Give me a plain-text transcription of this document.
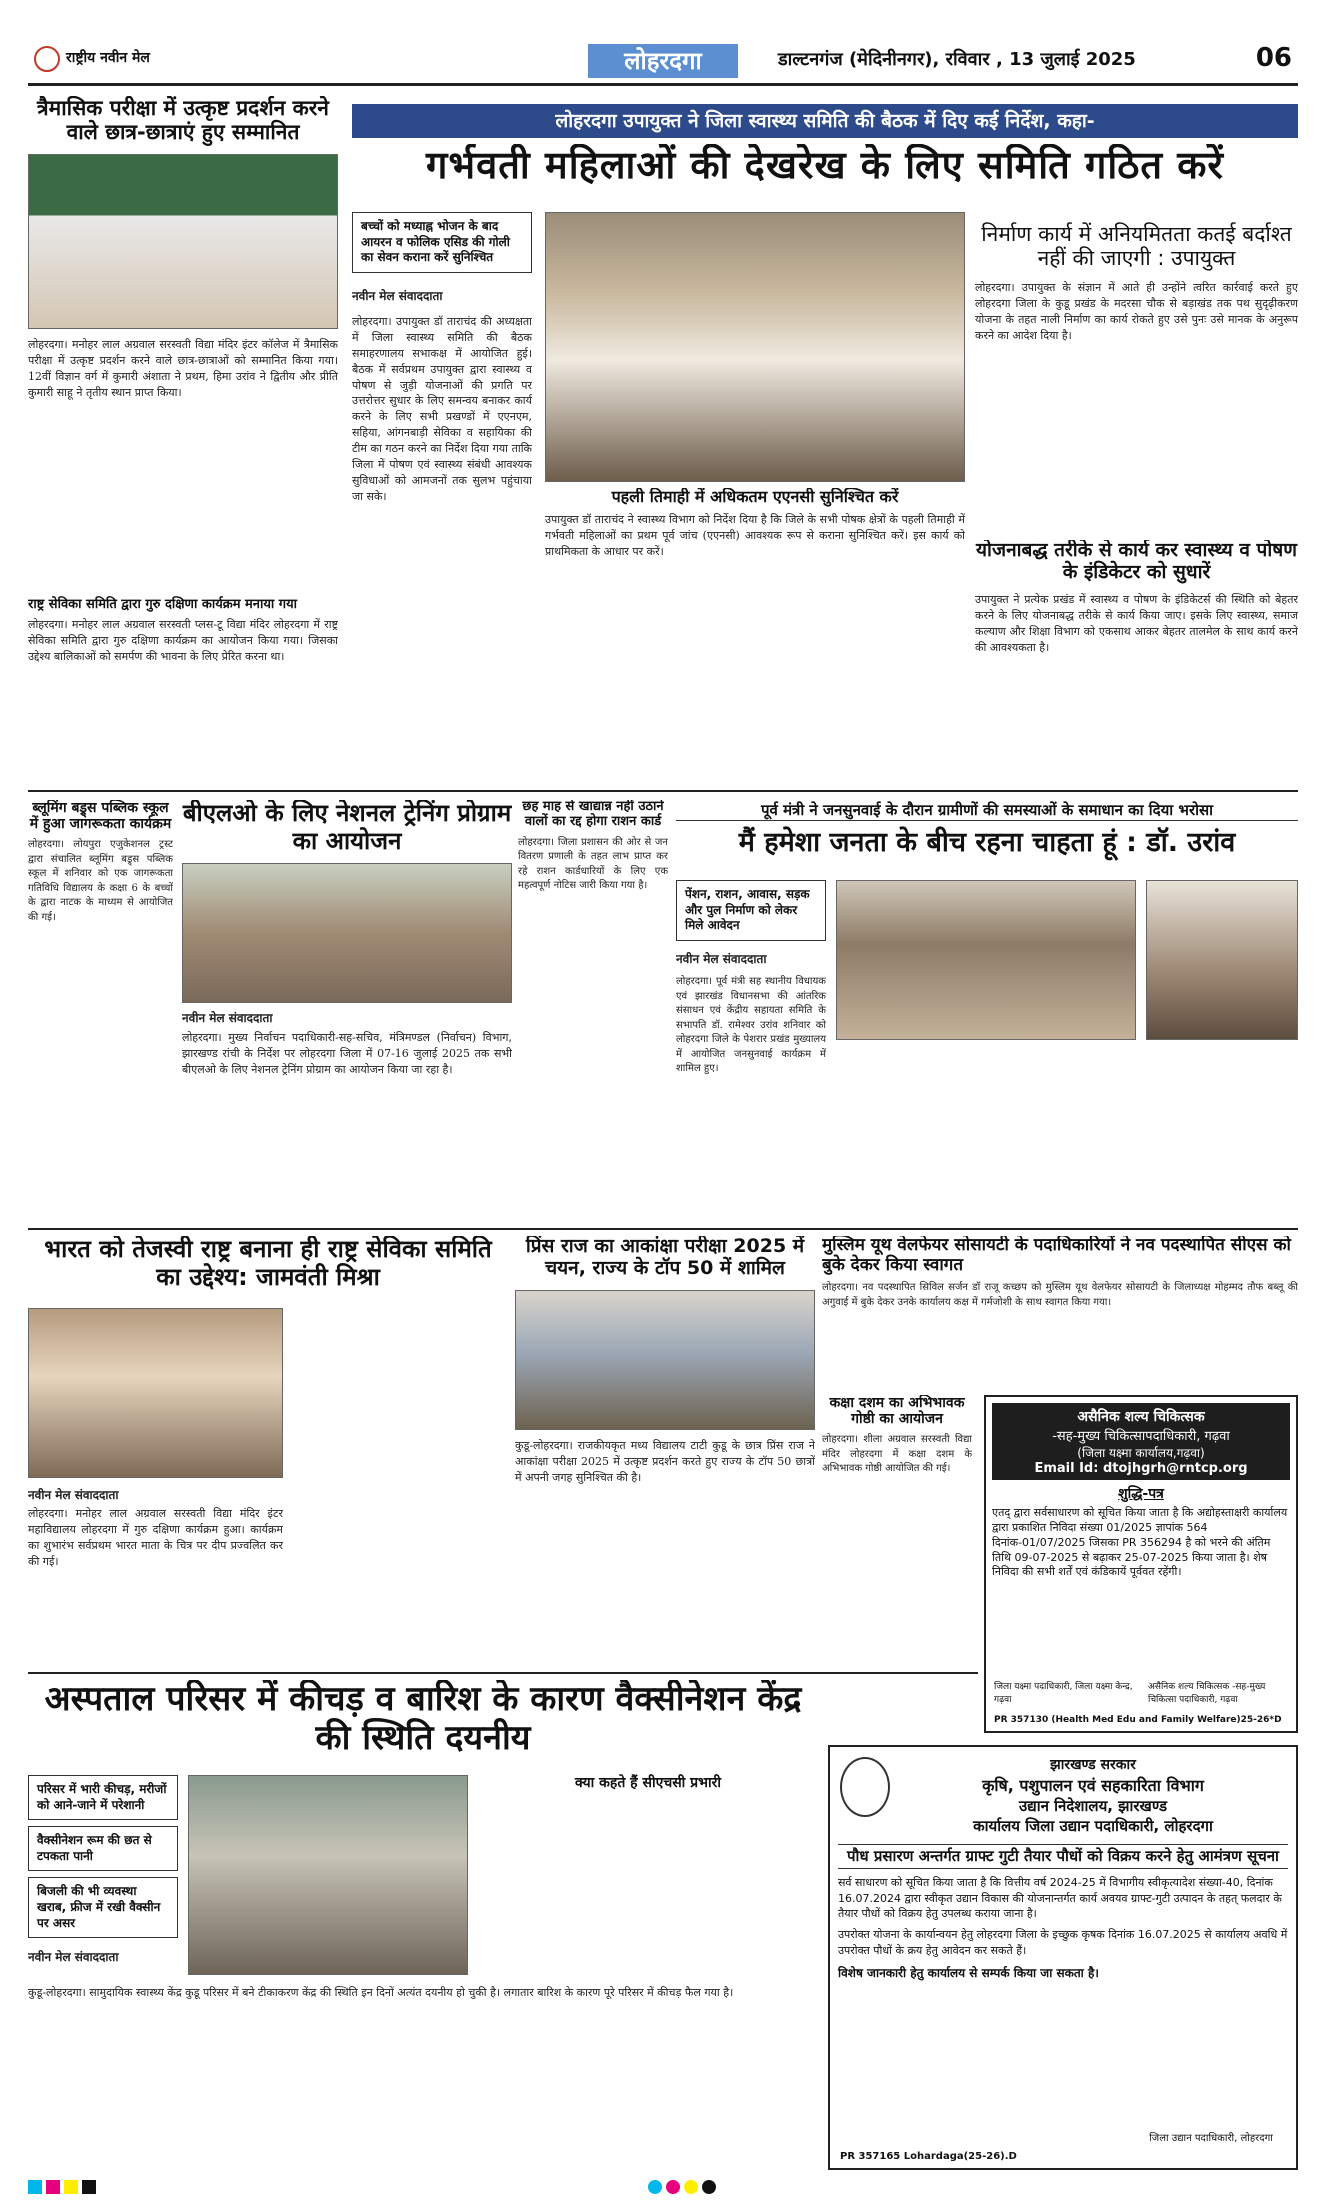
राष्ट्रीय नवीन मेल	लोहरदगा	डाल्टनगंज (मेदिनीनगर), रविवार , 13 जुलाई 2025	06
त्रैमासिक परीक्षा में उत्कृष्ट प्रदर्शन करने वाले छात्र-छात्राएं हुए सम्मानित
लोहरदगा। मनोहर लाल अग्रवाल सरस्वती विद्या मंदिर इंटर कॉलेज में त्रैमासिक परीक्षा में उत्कृष्ट प्रदर्शन करने वाले छात्र-छात्राओं को सम्मानित किया गया। 12वीं विज्ञान वर्ग में कुमारी अंशाता ने प्रथम, हिमा उरांव ने द्वितीय और प्रीति कुमारी साहू ने तृतीय स्थान प्राप्त किया।
राष्ट्र सेविका समिति द्वारा गुरु दक्षिणा कार्यक्रम मनाया गया
लोहरदगा। मनोहर लाल अग्रवाल सरस्वती प्लस-टू विद्या मंदिर लोहरदगा में राष्ट्र सेविका समिति द्वारा गुरु दक्षिणा कार्यक्रम का आयोजन किया गया। जिसका उद्देश्य बालिकाओं को समर्पण की भावना के लिए प्रेरित करना था।
लोहरदगा उपायुक्त ने जिला स्वास्थ्य समिति की बैठक में दिए कई निर्देश, कहा-
गर्भवती महिलाओं की देखरेख के लिए समिति गठित करें
बच्चों को मध्याह्न भोजन के बाद आयरन व फोलिक एसिड की गोली का सेवन कराना करें सुनिश्चित
नवीन मेल संवाददाता
लोहरदगा। उपायुक्त डॉ ताराचंद की अध्यक्षता में जिला स्वास्थ्य समिति की बैठक समाहरणालय सभाकक्ष में आयोजित हुई। बैठक में सर्वप्रथम उपायुक्त द्वारा स्वास्थ्य व पोषण से जुड़ी योजनाओं की प्रगति पर उत्तरोत्तर सुधार के लिए समन्वय बनाकर कार्य करने के लिए सभी प्रखण्डों में एएनएम, सहिया, आंगनबाड़ी सेविका व सहायिका की टीम का गठन करने का निर्देश दिया गया ताकि जिला में पोषण एवं स्वास्थ्य संबंधी आवश्यक सुविधाओं को आमजनों तक सुलभ पहुंचाया जा सके।	पहली तिमाही में अधिकतम एएनसी सुनिश्चित करें
उपायुक्त डॉ ताराचंद ने स्वास्थ्य विभाग को निर्देश दिया है कि जिले के सभी पोषक क्षेत्रों के पहली तिमाही में गर्भवती महिलाओं का प्रथम पूर्व जांच (एएनसी) आवश्यक रूप से कराना सुनिश्चित करें। इस कार्य को प्राथमिकता के आधार पर करें।
निर्माण कार्य में अनियमितता कतई बर्दाश्त नहीं की जाएगी : उपायुक्त
लोहरदगा। उपायुक्त के संज्ञान में आते ही उन्होंने त्वरित कार्रवाई करते हुए लोहरदगा जिला के कुडू प्रखंड के मदरसा चौक से बड़ाखंड तक पथ सुदृढ़ीकरण योजना के तहत नाली निर्माण का कार्य रोकते हुए उसे पुनः उसे मानक के अनुरूप करने का आदेश दिया है।
योजनाबद्ध तरीके से कार्य कर स्वास्थ्य व पोषण के इंडिकेटर को सुधारें
उपायुक्त ने प्रत्येक प्रखंड में स्वास्थ्य व पोषण के इंडिकेटर्स की स्थिति को बेहतर करने के लिए योजनाबद्ध तरीके से कार्य किया जाए। इसके लिए स्वास्थ्य, समाज कल्याण और शिक्षा विभाग को एकसाथ आकर बेहतर तालमेल के साथ कार्य करने की आवश्यकता है।
ब्लूमिंग बड्र्स पब्लिक स्कूल में हुआ जागरूकता कार्यक्रम
लोहरदगा। लोयपुरा एजुकेशनल ट्रस्ट द्वारा संचालित ब्लूमिंग बड्र्स पब्लिक स्कूल में शनिवार को एक जागरूकता गतिविधि विद्यालय के कक्षा 6 के बच्चों के द्वारा नाटक के माध्यम से आयोजित की गई।
बीएलओ के लिए नेशनल ट्रेनिंग प्रोग्राम का आयोजन
नवीन मेल संवाददाता
लोहरदगा। मुख्य निर्वाचन पदाधिकारी-सह-सचिव, मंत्रिमण्डल (निर्वाचन) विभाग, झारखण्ड रांची के निर्देश पर लोहरदगा जिला में 07-16 जुलाई 2025 तक सभी बीएलओ के लिए नेशनल ट्रेनिंग प्रोग्राम का आयोजन किया जा रहा है।
छह माह से खाद्यान्न नहीं उठाने वालों का रद्द होगा राशन कार्ड
लोहरदगा। जिला प्रशासन की ओर से जन वितरण प्रणाली के तहत लाभ प्राप्त कर रहे राशन कार्डधारियों के लिए एक महत्वपूर्ण नोटिस जारी किया गया है।
पूर्व मंत्री ने जनसुनवाई के दौरान ग्रामीणों की समस्याओं के समाधान का दिया भरोसा
मैं हमेशा जनता के बीच रहना चाहता हूं : डॉ. उरांव
पेंशन, राशन, आवास, सड़क और पुल निर्माण को लेकर मिले आवेदन
नवीन मेल संवाददाता
लोहरदगा। पूर्व मंत्री सह स्थानीय विधायक एवं झारखंड विधानसभा की आंतरिक संसाधन एवं केंद्रीय सहायता समिति के सभापति डॉ. रामेश्वर उरांव शनिवार को लोहरदगा जिले के पेशरार प्रखंड मुख्यालय में आयोजित जनसुनवाई कार्यक्रम में शामिल हुए।
भारत को तेजस्वी राष्ट्र बनाना ही राष्ट्र सेविका समिति का उद्देश्य: जामवंती मिश्रा
नवीन मेल संवाददाता
लोहरदगा। मनोहर लाल अग्रवाल सरस्वती विद्या मंदिर इंटर महाविद्यालय लोहरदगा में गुरु दक्षिणा कार्यक्रम हुआ। कार्यक्रम का शुभारंभ सर्वप्रथम भारत माता के चित्र पर दीप प्रज्वलित कर की गई।
प्रिंस राज का आकांक्षा परीक्षा 2025 में चयन, राज्य के टॉप 50 में शामिल
कुडू-लोहरदगा। राजकीयकृत मध्य विद्यालय टाटी कुडू के छात्र प्रिंस राज ने आकांक्षा परीक्षा 2025 में उत्कृष्ट प्रदर्शन करते हुए राज्य के टॉप 50 छात्रों में अपनी जगह सुनिश्चित की है।
मुस्लिम यूथ वेलफेयर सोसायटी के पदाधिकारियों ने नव पदस्थापित सीएस को बुके देकर किया स्वागत
लोहरदगा। नव पदस्थापित सिविल सर्जन डॉ राजू कच्छप को मुस्लिम यूथ वेलफेयर सोसायटी के जिलाध्यक्ष मोहम्मद तौफ बब्लू की अगुवाई में बुके देकर उनके कार्यालय कक्ष में गर्मजोशी के साथ स्वागत किया गया।
कक्षा दशम का अभिभावक गोष्ठी का आयोजन
लोहरदगा। शीला अग्रवाल सरस्वती विद्या मंदिर लोहरदगा में कक्षा दशम के अभिभावक गोष्ठी आयोजित की गई।
असैनिक शल्य चिकित्सक
-सह-मुख्य चिकित्सापदाधिकारी, गढ़वा
(जिला यक्ष्मा कार्यालय,गढ़वा)
Email Id: dtojhgrh@rntcp.org
शुद्धि-पत्र
एतद् द्वारा सर्वसाधारण को सूचित किया जाता है कि अद्योहस्ताक्षरी कार्यालय द्वारा प्रकाशित निविदा संख्या 01/2025 ज्ञापांक 564 दिनांक-01/07/2025 जिसका PR 356294 है को भरने की अंतिम तिथि 09-07-2025 से बढ़ाकर 25-07-2025 किया जाता है। शेष निविदा की सभी शर्तें एवं कंडिकायें पूर्ववत रहेंगी।
जिला यक्ष्मा पदाधिकारी, जिला यक्ष्मा केन्द्र, गढ़वा
असैनिक शल्य चिकित्सक -सह-मुख्य चिकित्सा पदाधिकारी, गढ़वा
PR 357130 (Health Med Edu and Family Welfare)25-26*D
अस्पताल परिसर में कीचड़ व बारिश के कारण वैक्सीनेशन केंद्र की स्थिति दयनीय
परिसर में भारी कीचड़, मरीजों को आने-जाने में परेशानी
वैक्सीनेशन रूम की छत से टपकता पानी
बिजली की भी व्यवस्था खराब, फ्रीज में रखी वैक्सीन पर असर
नवीन मेल संवाददाता
क्या कहते हैं सीएचसी प्रभारी
कुडू-लोहरदगा। सामुदायिक स्वास्थ्य केंद्र कुडू परिसर में बने टीकाकरण केंद्र की स्थिति इन दिनों अत्यंत दयनीय हो चुकी है। लगातार बारिश के कारण पूरे परिसर में कीचड़ फैल गया है।
झारखण्ड सरकार
कृषि, पशुपालन एवं सहकारिता विभाग
उद्यान निदेशालय, झारखण्ड
कार्यालय जिला उद्यान पदाधिकारी, लोहरदगा
पौध प्रसारण अन्तर्गत ग्राफ्ट गुटी तैयार पौधों को विक्रय करने हेतु आमंत्रण सूचना
सर्व साधारण को सूचित किया जाता है कि वित्तीय वर्ष 2024-25 में विभागीय स्वीकृत्यादेश संख्या-40, दिनांक 16.07.2024 द्वारा स्वीकृत उद्यान विकास की योजनान्तर्गत कार्य अवयव ग्राफ्ट-गुटी उत्पादन के तहत् फलदार के तैयार पौधों को विक्रय हेतु उपलब्ध कराया जाना है।
उपरोक्त योजना के कार्यान्वयन हेतु लोहरदगा जिला के इच्छुक कृषक दिनांक 16.07.2025 से कार्यालय अवधि में उपरोक्त पौधों के क्रय हेतु आवेदन कर सकते हैं।
विशेष जानकारी हेतु कार्यालय से सम्पर्क किया जा सकता है।
जिला उद्यान पदाधिकारी, लोहरदगा
PR 357165 Lohardaga(25-26).D
